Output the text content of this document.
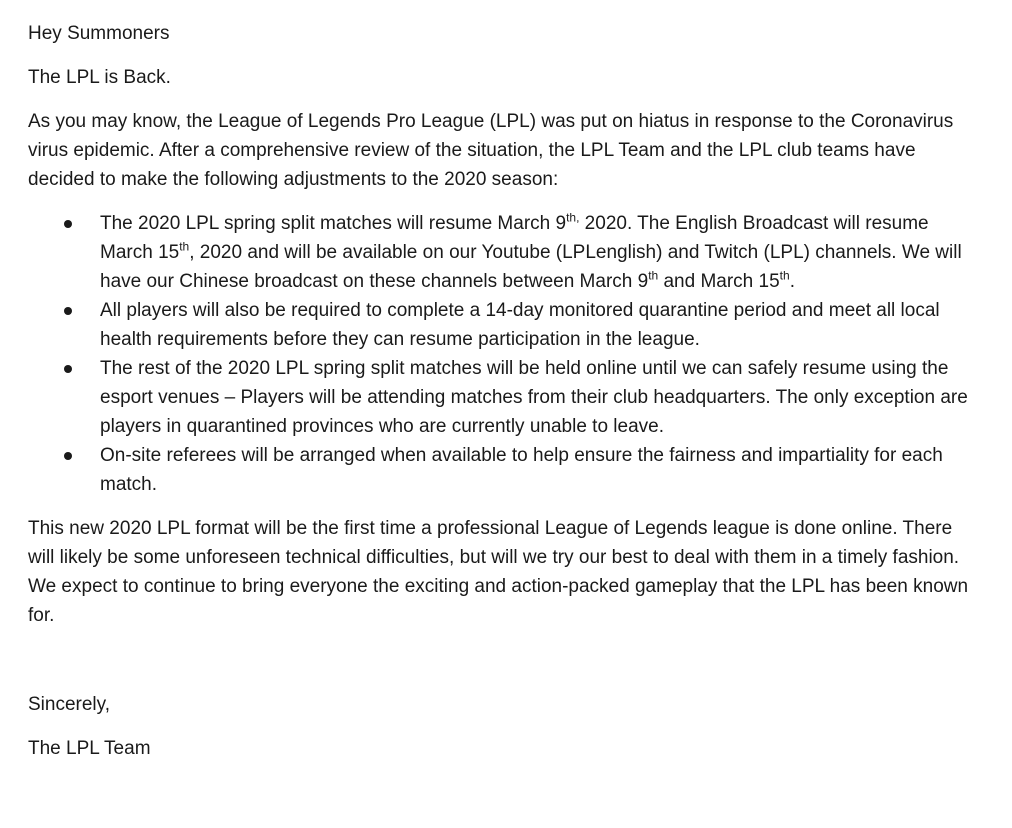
Hey Summoners

The LPL is Back.

As you may know, the League of Legends Pro League (LPL) was put on hiatus in response to the Coronavirus virus epidemic. After a comprehensive review of the situation, the LPL Team and the LPL club teams have decided to make the following adjustments to the 2020 season:

The 2020 LPL spring split matches will resume March $9^{th,}$ 2020. The English Broadcast will resume March 15th, 2020 and will be available on our Youtube (LPLenglish) and Twitch (LPL) channels. We will have our Chinese broadcast on these channels between March 9th and March 15th.
All players will also be required to complete a 14-day monitored quarantine period and meet all local health requirements before they can resume participation in the league.
The rest of the 2020 LPL spring split matches will be held online until we can safely resume using the esport venues – Players will be attending matches from their club headquarters. The only exception are players in quarantined provinces who are currently unable to leave.
On-site referees will be arranged when available to help ensure the fairness and impartiality for each match.

This new 2020 LPL format will be the first time a professional League of Legends league is done online. There will likely be some unforeseen technical difficulties, but will we try our best to deal with them in a timely fashion. We expect to continue to bring everyone the exciting and action-packed gameplay that the LPL has been known for.

Sincerely,

The LPL Team
